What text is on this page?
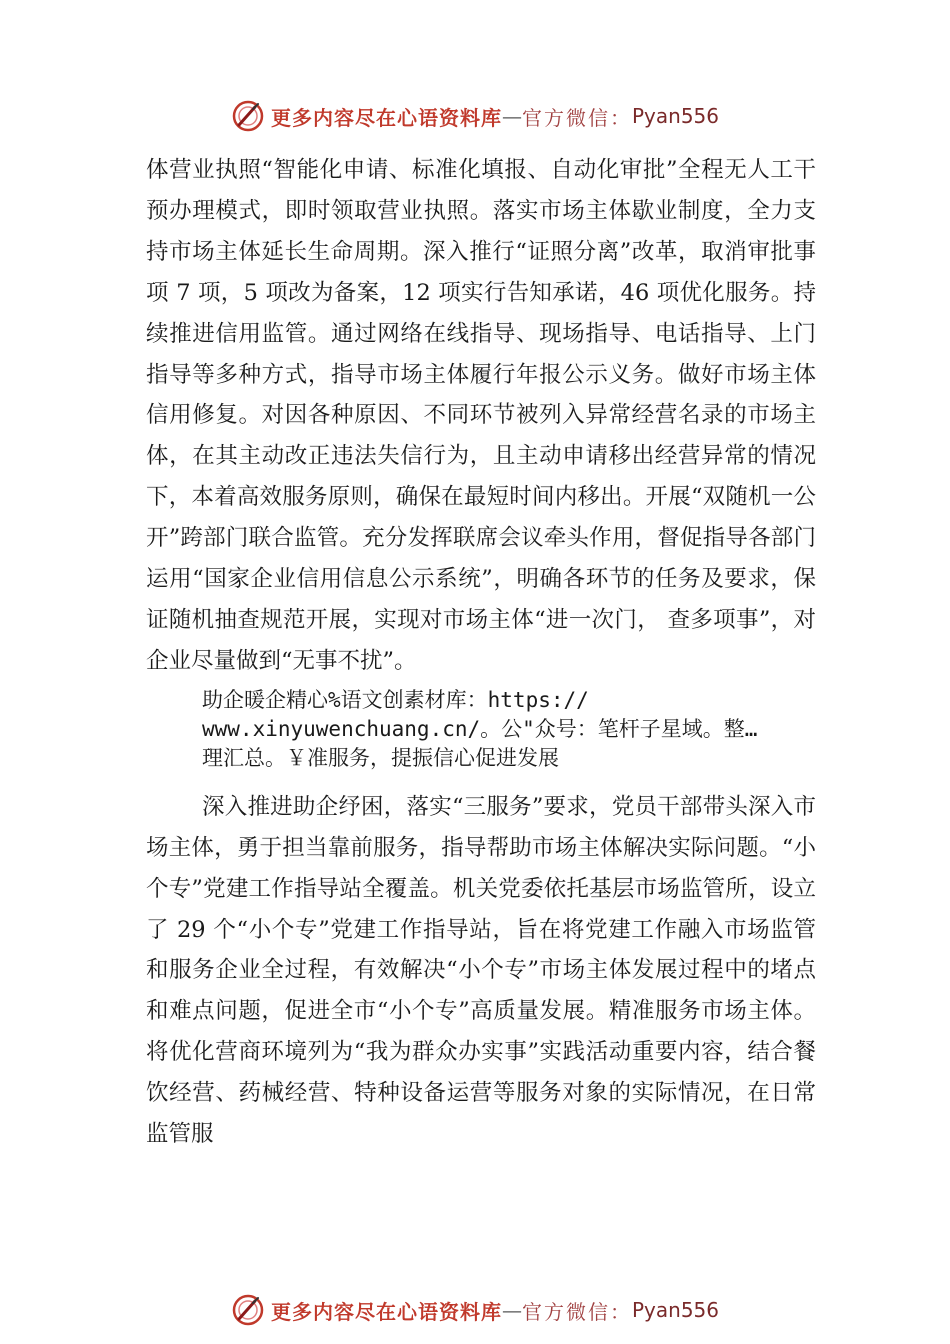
更多内容尽在心语资料库 — 官方微信： Pyan556

体营业执照“智能化申请、标准化填报、自动化审批”全程无人工干预办理模式，即时领取营业执照。落实市场主体歇业制度，全力支持市场主体延长生命周期。深入推行“证照分离”改革，取消审批事项 7 项，5 项改为备案，12 项实行告知承诺，46 项优化服务。持续推进信用监管。通过网络在线指导、现场指导、电话指导、上门指导等多种方式，指导市场主体履行年报公示义务。做好市场主体信用修复。对因各种原因、不同环节被列入异常经营名录的市场主体，在其主动改正违法失信行为，且主动申请移出经营异常的情况下，本着高效服务原则，确保在最短时间内移出。开展“双随机一公开”跨部门联合监管。充分发挥联席会议牵头作用，督促指导各部门运用“国家企业信用信息公示系统”，明确各环节的任务及要求，保证随机抽查规范开展，实现对市场主体“进一次门， 查多项事”，对企业尽量做到“无事不扰”。

助企暖企精心%语文创素材库：https://
www.xinyuwenchuang.cn/。公"众号：笔杆子星域。整…
理汇总。￥准服务，提振信心促进发展

深入推进助企纾困，落实“三服务”要求，党员干部带头深入市场主体，勇于担当靠前服务，指导帮助市场主体解决实际问题。“小个专”党建工作指导站全覆盖。机关党委依托基层市场监管所，设立了 29 个“小个专”党建工作指导站，旨在将党建工作融入市场监管和服务企业全过程，有效解决“小个专”市场主体发展过程中的堵点和难点问题，促进全市“小个专”高质量发展。精准服务市场主体。将优化营商环境列为“我为群众办实事”实践活动重要内容，结合餐饮经营、药械经营、特种设备运营等服务对象的实际情况，在日常监管服

更多内容尽在心语资料库 — 官方微信： Pyan556
